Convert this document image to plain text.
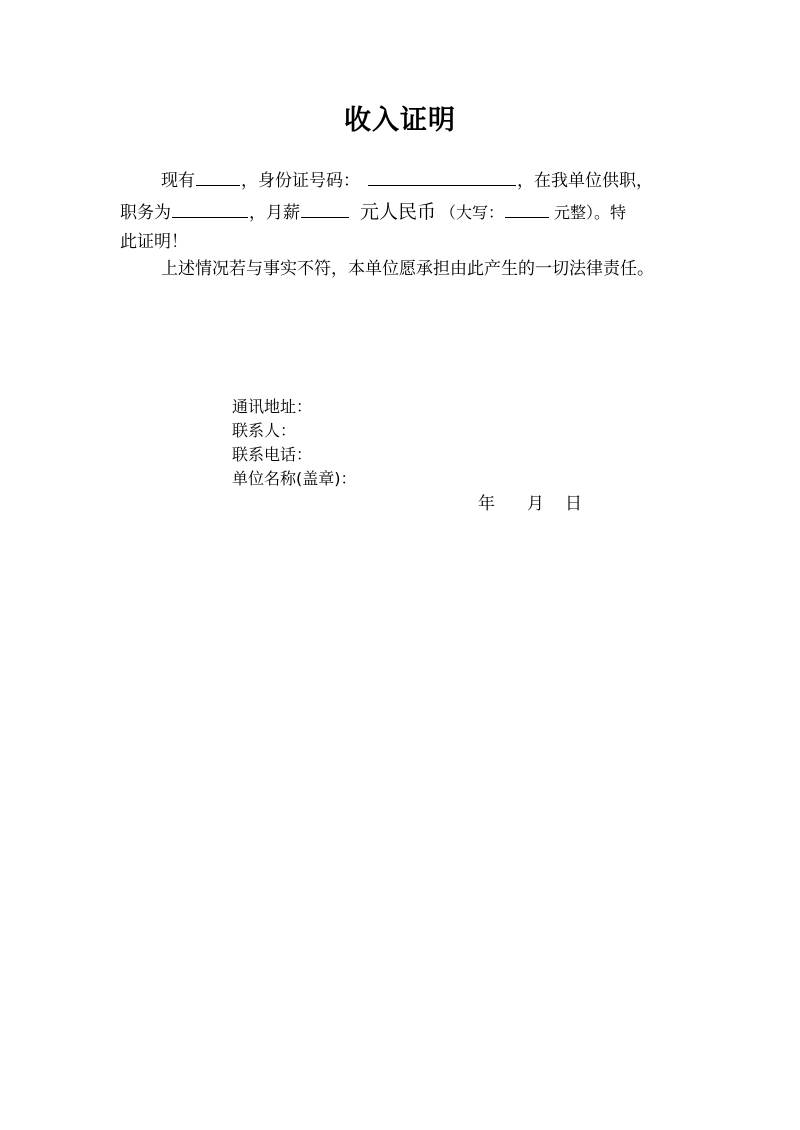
收入证明
现有	，身份证号码：	，在我单位供职，
职务为	，月薪	元人民币 （大写：	元整）。特
此证明！
上述情况若与事实不符，本单位愿承担由此产生的一切法律责任。
通讯地址：
联系人：
联系电话：
单位名称(盖章)：
年 月 日
